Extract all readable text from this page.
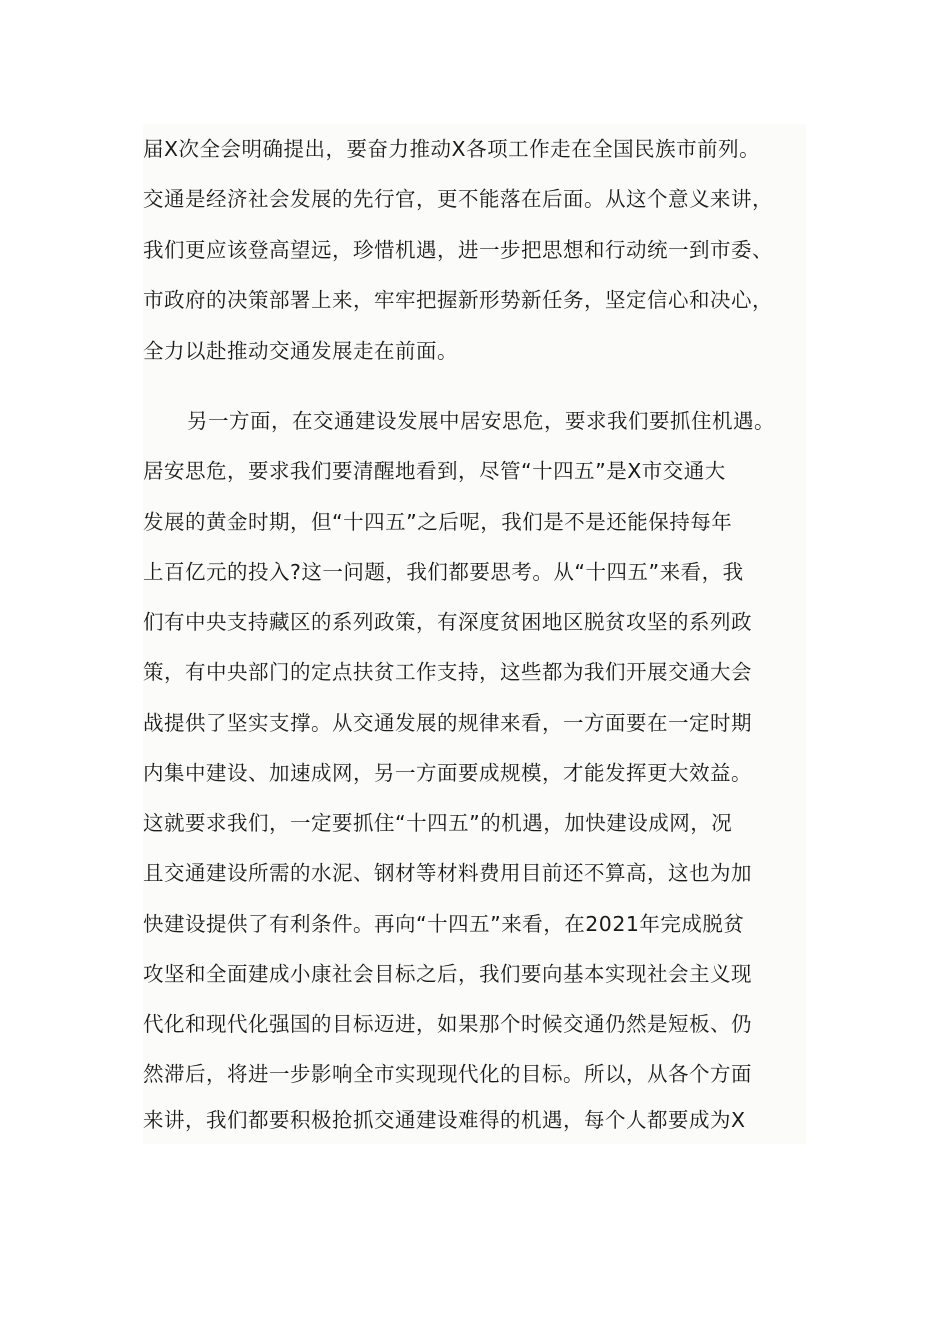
届X次全会明确提出，要奋力推动X各项工作走在全国民族市前列。
交通是经济社会发展的先行官，更不能落在后面。从这个意义来讲，
我们更应该登高望远，珍惜机遇，进一步把思想和行动统一到市委、
市政府的决策部署上来，牢牢把握新形势新任务，坚定信心和决心，
全力以赴推动交通发展走在前面。
另一方面，在交通建设发展中居安思危，要求我们要抓住机遇。
居安思危，要求我们要清醒地看到，尽管“十四五”是X市交通大
发展的黄金时期，但“十四五”之后呢，我们是不是还能保持每年
上百亿元的投入?这一问题，我们都要思考。从“十四五”来看，我
们有中央支持藏区的系列政策，有深度贫困地区脱贫攻坚的系列政
策，有中央部门的定点扶贫工作支持，这些都为我们开展交通大会
战提供了坚实支撑。从交通发展的规律来看，一方面要在一定时期
内集中建设、加速成网，另一方面要成规模，才能发挥更大效益。
这就要求我们，一定要抓住“十四五”的机遇，加快建设成网，况
且交通建设所需的水泥、钢材等材料费用目前还不算高，这也为加
快建设提供了有利条件。再向“十四五”来看，在2021年完成脱贫
攻坚和全面建成小康社会目标之后，我们要向基本实现社会主义现
代化和现代化强国的目标迈进，如果那个时候交通仍然是短板、仍
然滞后，将进一步影响全市实现现代化的目标。所以，从各个方面
来讲，我们都要积极抢抓交通建设难得的机遇，每个人都要成为X
